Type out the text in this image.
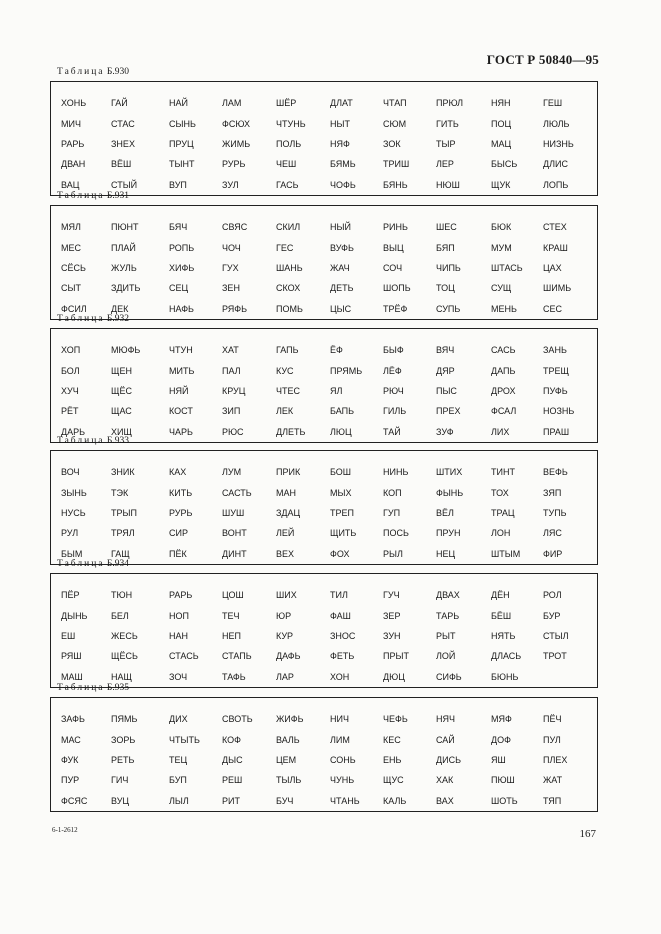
ГОСТ Р 50840—95
Таблица Б.930
ХОНЬ	ГАЙ	НАЙ	ЛАМ	ШЁР	ДЛАТ	ЧТАП	ПРЮЛ	НЯН	ГЕШ
МИЧ	СТАС	СЫНЬ	ФСЮХ	ЧТУНЬ	НЫТ	СЮМ	ГИТЬ	ПОЦ	ЛЮЛЬ
РАРЬ	ЗНЕХ	ПРУЦ	ЖИМЬ	ПОЛЬ	НЯФ	ЗОК	ТЫР	МАЦ	НИЗНЬ
ДВАН	ВЁШ	ТЫНТ	РУРЬ	ЧЕШ	БЯМЬ	ТРИШ	ЛЕР	БЫСЬ	ДЛИС
ВАЦ	СТЫЙ	ВУП	ЗУЛ	ГАСЬ	ЧОФЬ	БЯНЬ	НЮШ	ЩУК	ЛОПЬ
Таблица Б.931
МЯЛ	ПЮНТ	БЯЧ	СВЯС	СКИЛ	НЫЙ	РИНЬ	ШЕС	БЮК	СТЕХ
МЕС	ПЛАЙ	РОПЬ	ЧОЧ	ГЕС	ВУФЬ	ВЫЦ	БЯП	МУМ	КРАШ
СЁСЬ	ЖУЛЬ	ХИФЬ	ГУХ	ШАНЬ	ЖАЧ	СОЧ	ЧИПЬ	ШТАСЬ	ЦАХ
СЫТ	ЗДИТЬ	СЕЦ	ЗЕН	СКОХ	ДЕТЬ	ШОПЬ	ТОЦ	СУЩ	ШИМЬ
ФСИЛ	ДЕК	НАФЬ	РЯФЬ	ПОМЬ	ЦЫС	ТРЁФ	СУПЬ	МЕНЬ	СЕС
Таблица Б.932
ХОП	МЮФЬ	ЧТУН	ХАТ	ГАПЬ	ЁФ	БЫФ	ВЯЧ	САСЬ	ЗАНЬ
БОЛ	ЩЕН	МИТЬ	ПАЛ	КУС	ПРЯМЬ	ЛЁФ	ДЯР	ДАПЬ	ТРЕЩ
ХУЧ	ЩЁС	НЯЙ	КРУЦ	ЧТЕС	ЯЛ	РЮЧ	ПЫС	ДРОХ	ПУФЬ
РЁТ	ЩАС	КОСТ	ЗИП	ЛЕК	БАПЬ	ГИЛЬ	ПРЕХ	ФСАЛ	НОЗНЬ
ДАРЬ	ХИЩ	ЧАРЬ	РЮС	ДЛЕТЬ	ЛЮЦ	ТАЙ	ЗУФ	ЛИХ	ПРАШ
Таблица Б.933
ВОЧ	ЗНИК	КАХ	ЛУМ	ПРИК	БОШ	НИНЬ	ШТИХ	ТИНТ	ВЕФЬ
ЗЫНЬ	ТЭК	КИТЬ	САСТЬ	МАН	МЫХ	КОП	ФЫНЬ	ТОХ	ЗЯП
НУСЬ	ТРЫП	РУРЬ	ШУШ	ЗДАЦ	ТРЕП	ГУП	ВЁЛ	ТРАЦ	ТУПЬ
РУЛ	ТРЯЛ	СИР	ВОНТ	ЛЕЙ	ЩИТЬ	ПОСЬ	ПРУН	ЛОН	ЛЯС
БЫМ	ГАЩ	ПЁК	ДИНТ	ВЕХ	ФОХ	РЫЛ	НЕЦ	ШТЫМ	ФИР
Таблица Б.934
ПЁР	ТЮН	РАРЬ	ЦОШ	ШИХ	ТИЛ	ГУЧ	ДВАХ	ДЁН	РОЛ
ДЫНЬ	БЕЛ	НОП	ТЕЧ	ЮР	ФАШ	ЗЕР	ТАРЬ	БЁШ	БУР
ЕШ	ЖЕСЬ	НАН	НЕП	КУР	ЗНОС	ЗУН	РЫТ	НЯТЬ	СТЫЛ
РЯШ	ЩЁСЬ	СТАСЬ	СТАПЬ	ДАФЬ	ФЕТЬ	ПРЫТ	ЛОЙ	ДЛАСЬ	ТРОТ
МАШ	НАЩ	ЗОЧ	ТАФЬ	ЛАР	ХОН	ДЮЦ	СИФЬ	БЮНЬ
Таблица Б.935
ЗАФЬ	ПЯМЬ	ДИХ	СВОТЬ	ЖИФЬ	НИЧ	ЧЕФЬ	НЯЧ	МЯФ	ПЁЧ
МАС	ЗОРЬ	ЧТЫТЬ	КОФ	ВАЛЬ	ЛИМ	КЕС	САЙ	ДОФ	ПУЛ
ФУК	РЕТЬ	ТЕЦ	ДЫС	ЦЕМ	СОНЬ	ЕНЬ	ДИСЬ	ЯШ	ПЛЕХ
ПУР	ГИЧ	БУП	РЕШ	ТЫЛЬ	ЧУНЬ	ЩУС	ХАК	ПЮШ	ЖАТ
ФСЯС	ВУЦ	ЛЫЛ	РИТ	БУЧ	ЧТАНЬ	КАЛЬ	ВАХ	ШОТЬ	ТЯП
6-1-2612	167
